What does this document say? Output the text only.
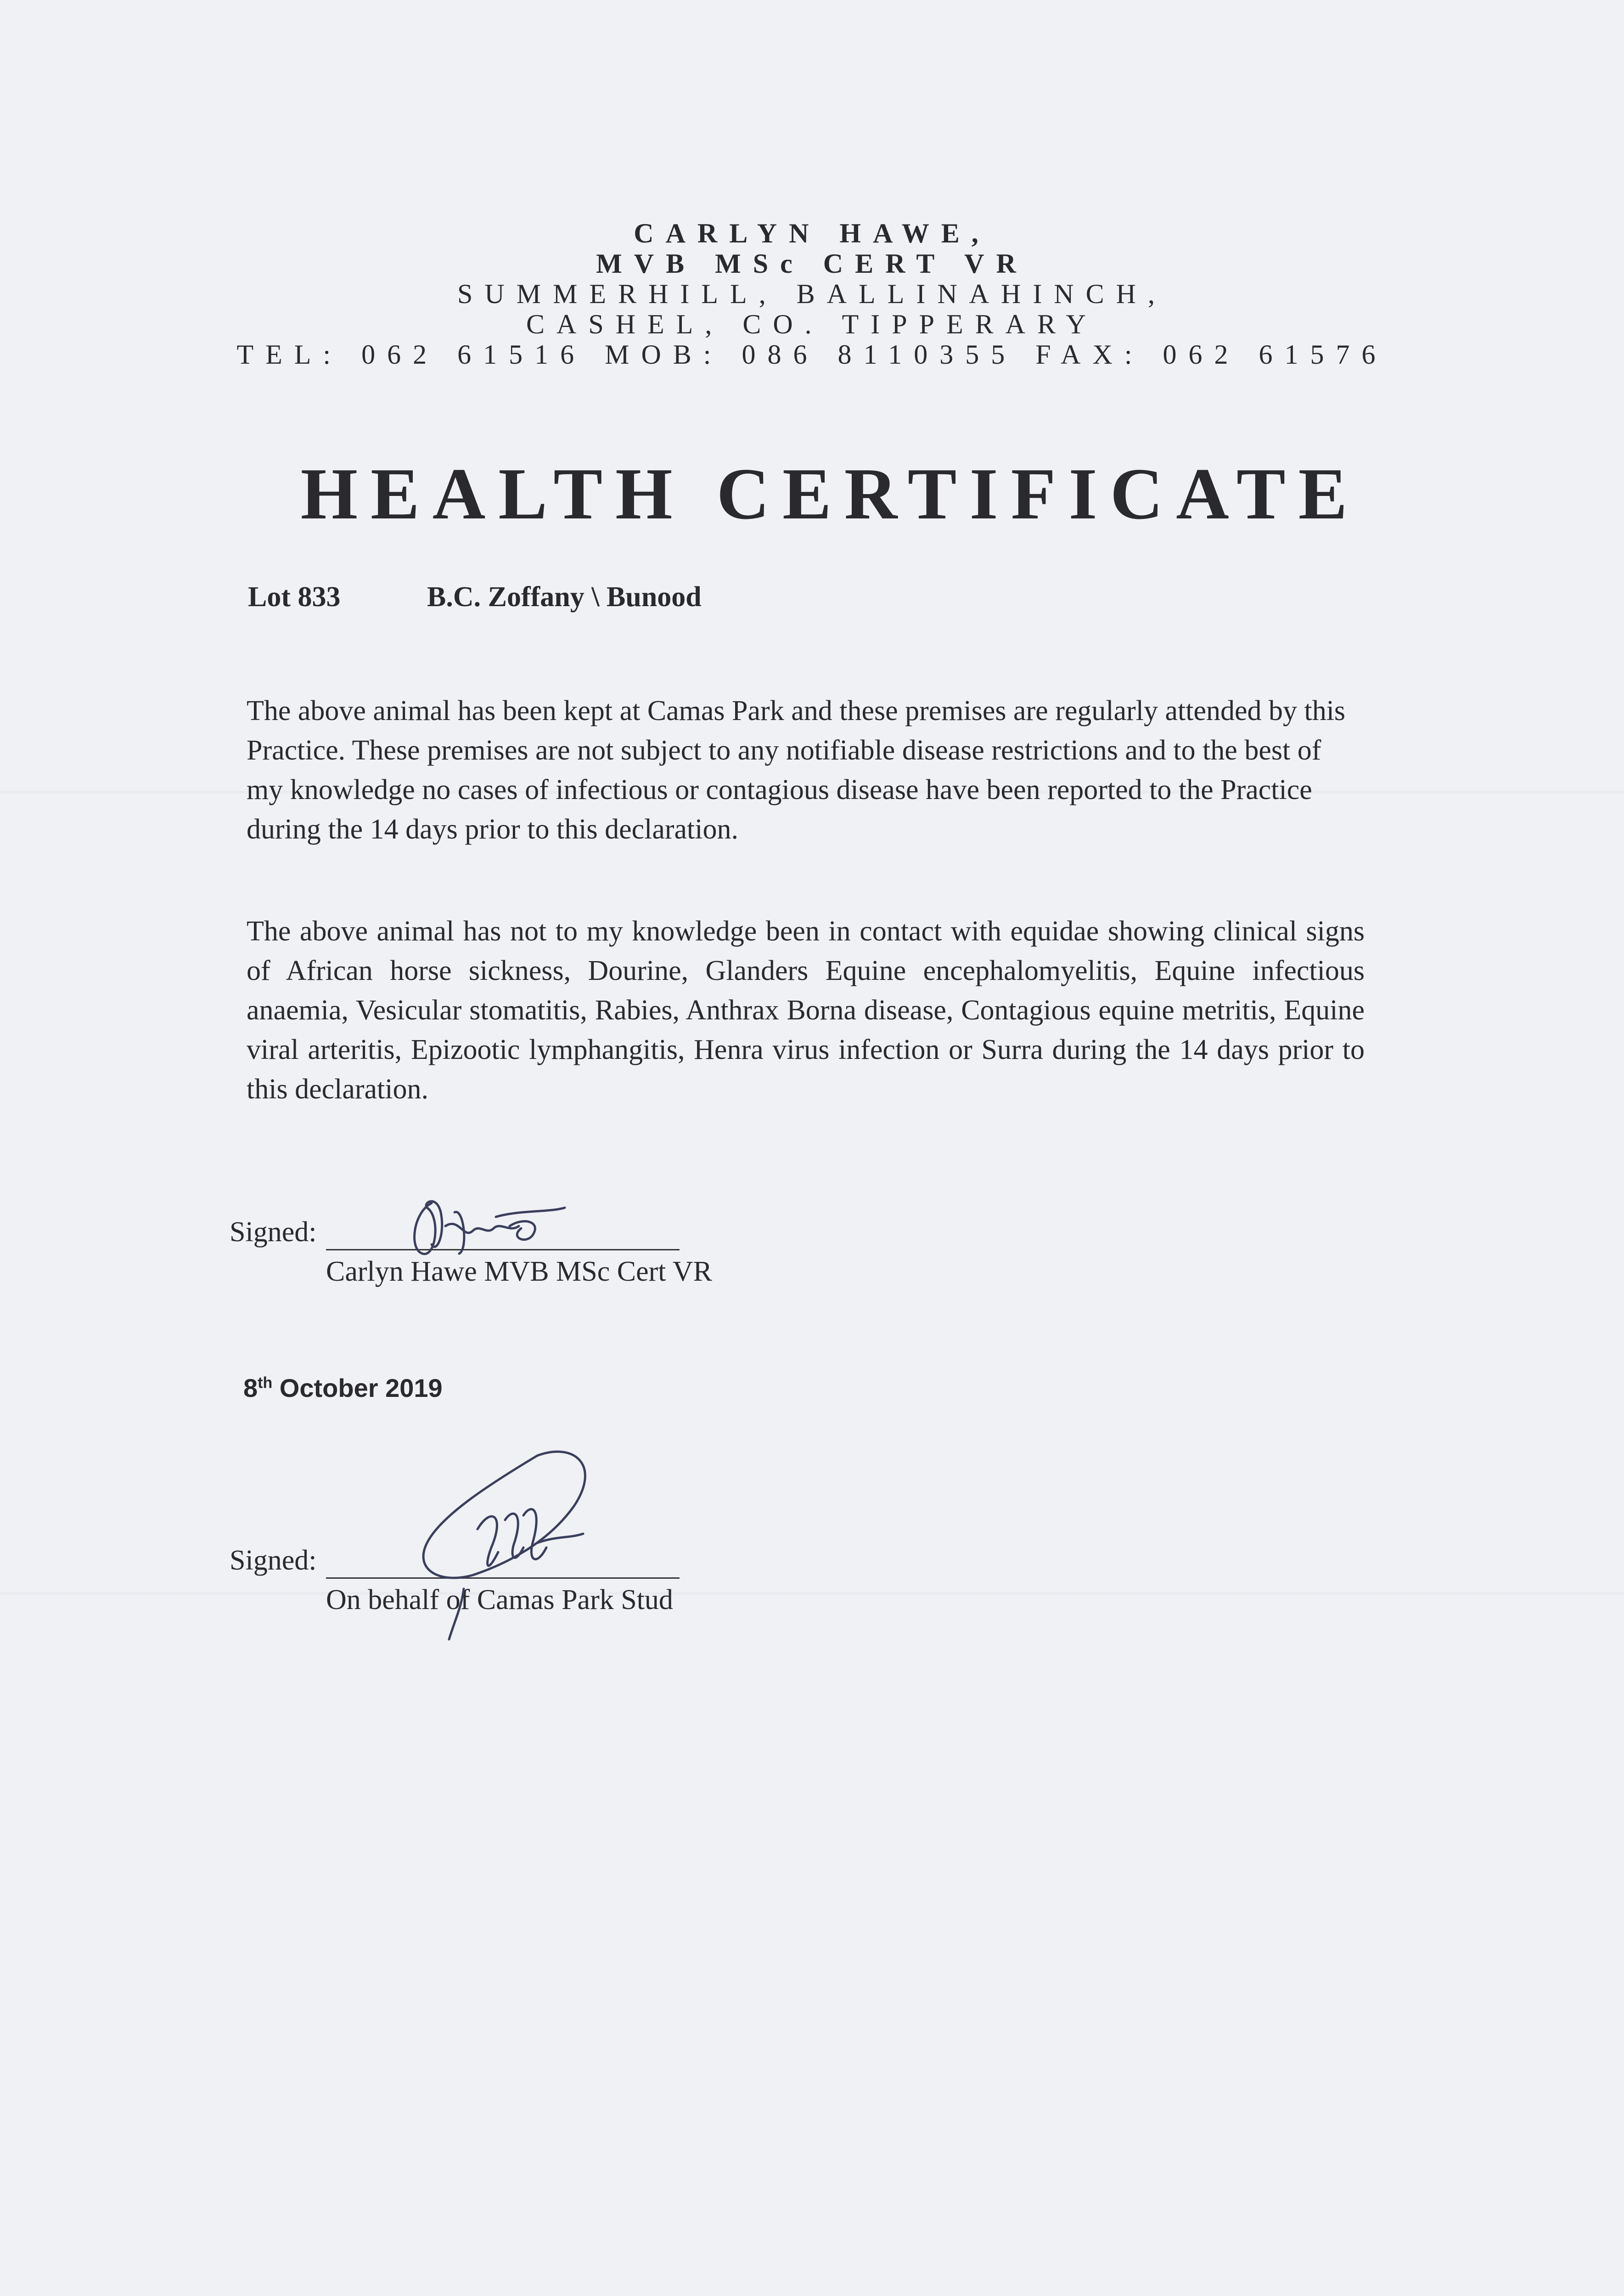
CARLYN HAWE,
MVB MSc CERT VR
SUMMERHILL, BALLINAHINCH,
CASHEL, CO. TIPPERARY
TEL: 062 61516 MOB: 086 8110355 FAX: 062 61576
HEALTH CERTIFICATE
Lot 833	B.C. Zoffany \ Bunood

The above animal has been kept at Camas Park and these premises are regularly attended by this Practice. These premises are not subject to any notifiable disease restrictions and to the best of my knowledge no cases of infectious or contagious disease have been reported to the Practice during the 14 days prior to this declaration.

The above animal has not to my knowledge been in contact with equidae showing clinical signs of African horse sickness, Dourine, Glanders Equine encephalomyelitis, Equine infectious anaemia, Vesicular stomatitis, Rabies, Anthrax Borna disease, Contagious equine metritis, Equine viral arteritis, Epizootic lymphangitis, Henra virus infection or Surra during the 14 days prior to this declaration.

Signed:
Carlyn Hawe MVB MSc Cert VR
8th October 2019
Signed:
On behalf of Camas Park Stud
